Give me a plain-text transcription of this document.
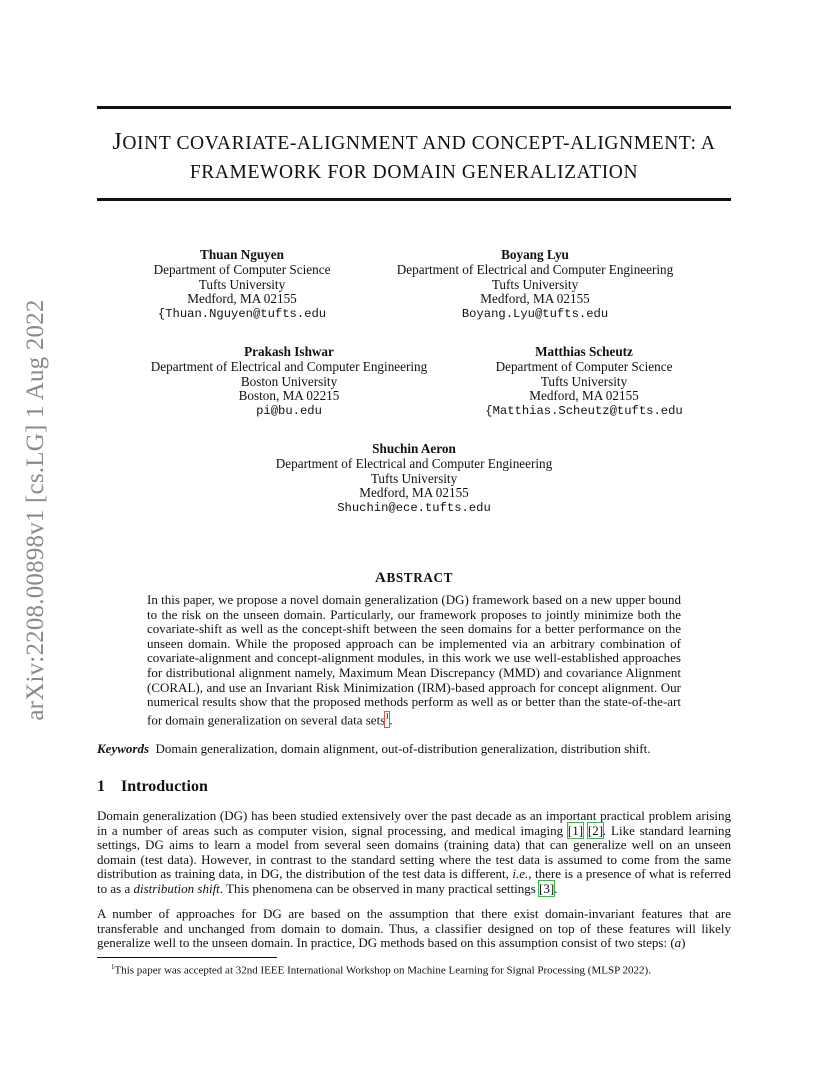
arXiv:2208.00898v1 [cs.LG] 1 Aug 2022
JOINT COVARIATE-ALIGNMENT AND CONCEPT-ALIGNMENT: A
FRAMEWORK FOR DOMAIN GENERALIZATION
Thuan Nguyen
Department of Computer Science
Tufts University
Medford, MA 02155
{Thuan.Nguyen@tufts.edu
Boyang Lyu
Department of Electrical and Computer Engineering
Tufts University
Medford, MA 02155
Boyang.Lyu@tufts.edu
Prakash Ishwar
Department of Electrical and Computer Engineering
Boston University
Boston, MA 02215
pi@bu.edu
Matthias Scheutz
Department of Computer Science
Tufts University
Medford, MA 02155
{Matthias.Scheutz@tufts.edu
Shuchin Aeron
Department of Electrical and Computer Engineering
Tufts University
Medford, MA 02155
Shuchin@ece.tufts.edu
ABSTRACT
In this paper, we propose a novel domain generalization (DG) framework based on a new upper bound to the risk on the unseen domain. Particularly, our framework proposes to jointly minimize both the covariate-shift as well as the concept-shift between the seen domains for a better performance on the unseen domain. While the proposed approach can be implemented via an arbitrary combination of covariate-alignment and concept-alignment modules, in this work we use well-established approaches for distributional alignment namely, Maximum Mean Discrepancy (MMD) and covariance Alignment (CORAL), and use an Invariant Risk Minimization (IRM)-based approach for concept alignment. Our numerical results show that the proposed methods perform as well as or better than the state-of-the-art for domain generalization on several data sets$^1$.
Keywords Domain generalization, domain alignment, out-of-distribution generalization, distribution shift.
1 Introduction
Domain generalization (DG) has been studied extensively over the past decade as an important practical problem arising in a number of areas such as computer vision, signal processing, and medical imaging [1] [2]. Like standard learning settings, DG aims to learn a model from several seen domains (training data) that can generalize well on an unseen domain (test data). However, in contrast to the standard setting where the test data is assumed to come from the same distribution as training data, in DG, the distribution of the test data is different, i.e., there is a presence of what is referred to as a distribution shift. This phenomena can be observed in many practical settings [3].
A number of approaches for DG are based on the assumption that there exist domain-invariant features that are transferable and unchanged from domain to domain. Thus, a classifier designed on top of these features will likely generalize well to the unseen domain. In practice, DG methods based on this assumption consist of two steps: (a)
$^1$This paper was accepted at 32nd IEEE International Workshop on Machine Learning for Signal Processing (MLSP 2022).
